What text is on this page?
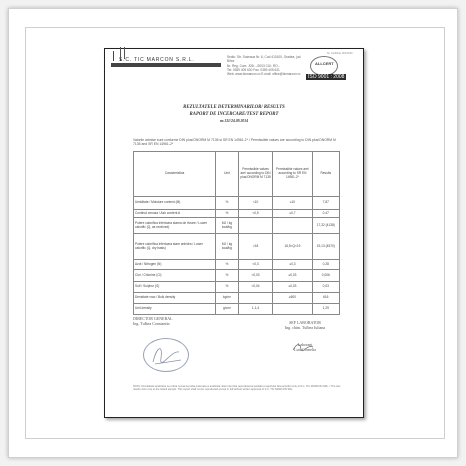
S.C. TIC MARCON S.R.L.	Sediu: Str. Soseaua Nr. 6, Cod 410100, Oradea, jud. Bihor
Nr. Reg. Com: J05/.../2003 CUI: RO...
Tel: 0359 405 630 Fax: 0359 405 631
Web: www.ticmarcon.ro E-mail: office@ticmarcon.ro
Nr. Certificat 10/1/2010
ALLCERT
ISO 9001 : 2008
REZULTATELE DETERMINARILOR/ RESULTS
RAPORT DE INCERCARE/TEST REPORT
nr.131/24.09.2014
Valorile admise sunt conforme DIN plus/ONORM M 7135 si SR EN 14961-2* / Permissible values are according to DIN plus/ONORM M 7135 and SR EN 14961-2*
Caracteristica	Unit	Permissible values are/ according to DIN plus/ONORM M 7135	Permissible values are/ according to SR EN 14961-2*	Results
Umiditate / Moisture content (M)	%	<10	≤10	7,87
Continut cenusa / Ash content A	%	<0,5	≤0,7	0,47
Putere calorifica inferioara starea de livrare / Lower calorific (Q, as received)	MJ / kg kcal/kg			17,32 (4138)
Putere calorifica inferioara stare anhidra / Lower calorific (Q, dry basis)	MJ / kg kcal/kg	>18	16,5<Q<19	19,13 (4570)
Azot / Nitrogen (N)	%	<0,3	≤0,3	0,28
Clor / Chlorine (Cl)	%	<0,03	≤0,03	0,006
Sulf / Sulphur (S)	%	<0,04	≤0,03	0,03
Densitate vrac / Bulk density	kg/m³		≥600	616
Unit density	g/cm³	1-1,4		1,29
DIRECTOR GENERAL
Ing. Tulbea Constantin	SEF LABORATOR
Ing. chim. Tulbea Iuliana
Laborant
Luis Cornelia
NOTA: Rezultatele analizelor se refera numai la proba prelevata si analizata. Este interzisa reproducerea partiala a raportului fara acordul scris al S.C. TIC MARCON SRL. / The test results refer only to the tested sample. This report shall not be reproduced except in full without written approval of S.C. TIC MARCON SRL.
